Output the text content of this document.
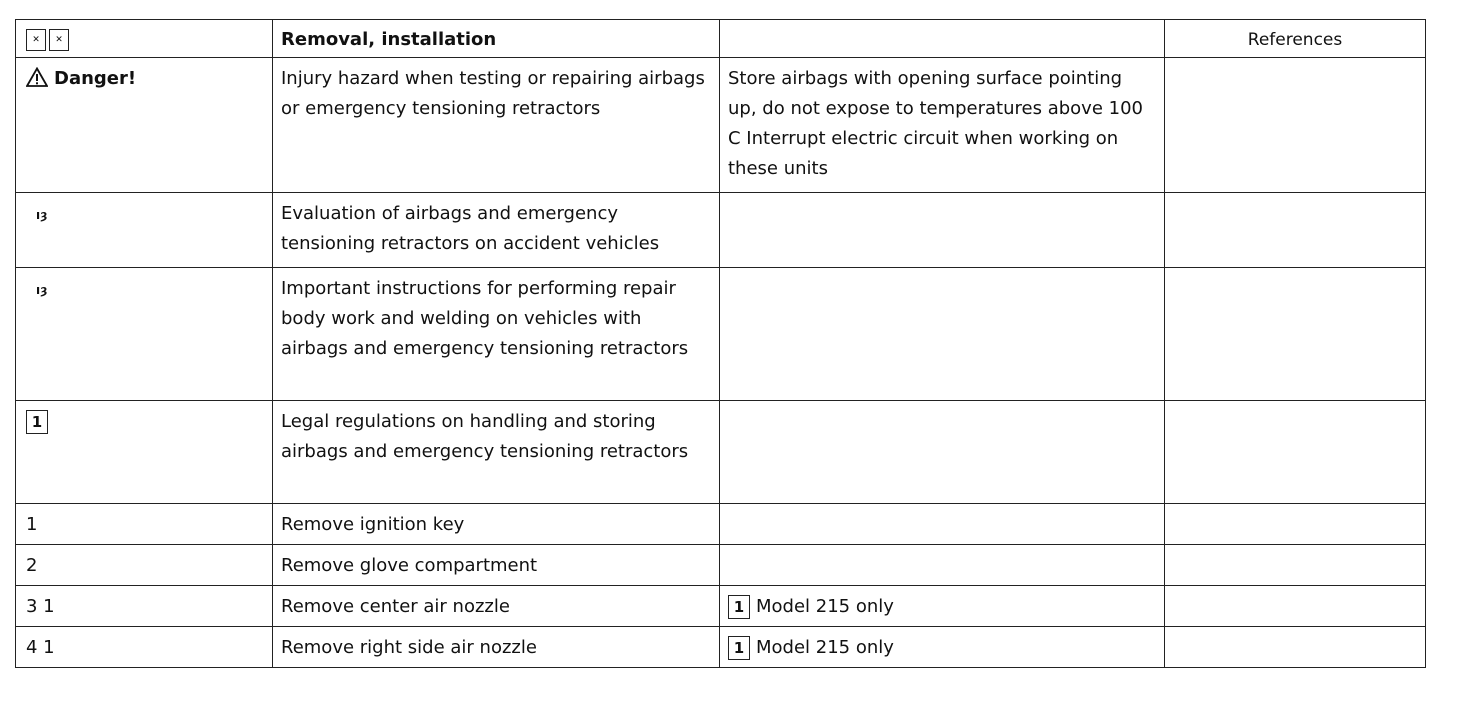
✕ ✕	Removal, installation		References

Danger!	Injury hazard when testing or repairing airbags or emergency tensioning retractors	Store airbags with opening surface pointing up, do not expose to temperatures above 100 C Interrupt electric circuit when working on these units	
ıȝ	Evaluation of airbags and emergency tensioning retractors on accident vehicles		
ıȝ	Important instructions for performing repair body work and welding on vehicles with airbags and emergency tensioning retractors		
1	Legal regulations on handling and storing airbags and emergency tensioning retractors		
1	Remove ignition key		
2	Remove glove compartment		
3 1	Remove center air nozzle	1 Model 215 only	
4 1	Remove right side air nozzle	1 Model 215 only	
